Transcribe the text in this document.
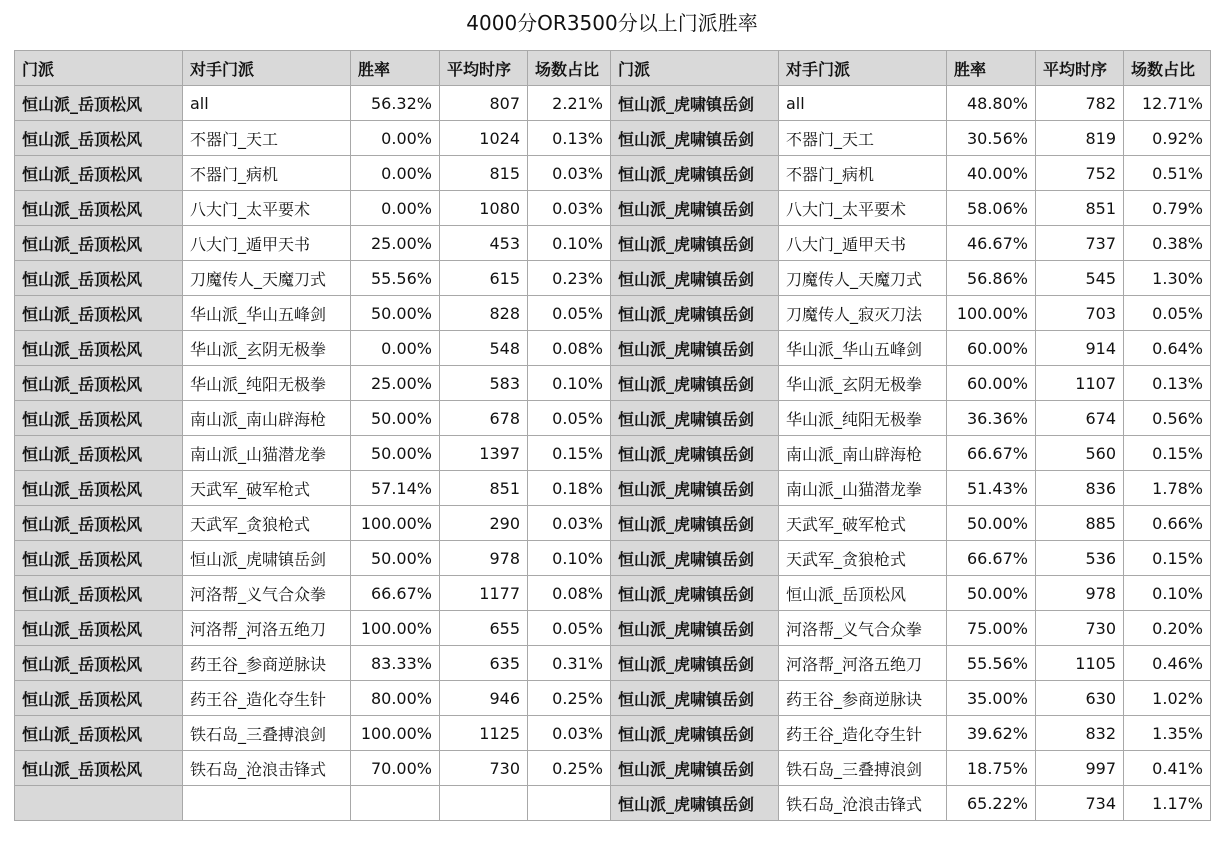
4000分OR3500分以上门派胜率
门派	对手门派	胜率	平均时序	场数占比	门派	对手门派	胜率	平均时序	场数占比
恒山派_岳顶松风	all	56.32%	807	2.21%	恒山派_虎啸镇岳剑	all	48.80%	782	12.71%
恒山派_岳顶松风	不器门_天工	0.00%	1024	0.13%	恒山派_虎啸镇岳剑	不器门_天工	30.56%	819	0.92%
恒山派_岳顶松风	不器门_病机	0.00%	815	0.03%	恒山派_虎啸镇岳剑	不器门_病机	40.00%	752	0.51%
恒山派_岳顶松风	八大门_太平要术	0.00%	1080	0.03%	恒山派_虎啸镇岳剑	八大门_太平要术	58.06%	851	0.79%
恒山派_岳顶松风	八大门_遁甲天书	25.00%	453	0.10%	恒山派_虎啸镇岳剑	八大门_遁甲天书	46.67%	737	0.38%
恒山派_岳顶松风	刀魔传人_天魔刀式	55.56%	615	0.23%	恒山派_虎啸镇岳剑	刀魔传人_天魔刀式	56.86%	545	1.30%
恒山派_岳顶松风	华山派_华山五峰剑	50.00%	828	0.05%	恒山派_虎啸镇岳剑	刀魔传人_寂灭刀法	100.00%	703	0.05%
恒山派_岳顶松风	华山派_玄阴无极拳	0.00%	548	0.08%	恒山派_虎啸镇岳剑	华山派_华山五峰剑	60.00%	914	0.64%
恒山派_岳顶松风	华山派_纯阳无极拳	25.00%	583	0.10%	恒山派_虎啸镇岳剑	华山派_玄阴无极拳	60.00%	1107	0.13%
恒山派_岳顶松风	南山派_南山辟海枪	50.00%	678	0.05%	恒山派_虎啸镇岳剑	华山派_纯阳无极拳	36.36%	674	0.56%
恒山派_岳顶松风	南山派_山猫潜龙拳	50.00%	1397	0.15%	恒山派_虎啸镇岳剑	南山派_南山辟海枪	66.67%	560	0.15%
恒山派_岳顶松风	天武军_破军枪式	57.14%	851	0.18%	恒山派_虎啸镇岳剑	南山派_山猫潜龙拳	51.43%	836	1.78%
恒山派_岳顶松风	天武军_贪狼枪式	100.00%	290	0.03%	恒山派_虎啸镇岳剑	天武军_破军枪式	50.00%	885	0.66%
恒山派_岳顶松风	恒山派_虎啸镇岳剑	50.00%	978	0.10%	恒山派_虎啸镇岳剑	天武军_贪狼枪式	66.67%	536	0.15%
恒山派_岳顶松风	河洛帮_义气合众拳	66.67%	1177	0.08%	恒山派_虎啸镇岳剑	恒山派_岳顶松风	50.00%	978	0.10%
恒山派_岳顶松风	河洛帮_河洛五绝刀	100.00%	655	0.05%	恒山派_虎啸镇岳剑	河洛帮_义气合众拳	75.00%	730	0.20%
恒山派_岳顶松风	药王谷_参商逆脉诀	83.33%	635	0.31%	恒山派_虎啸镇岳剑	河洛帮_河洛五绝刀	55.56%	1105	0.46%
恒山派_岳顶松风	药王谷_造化夺生针	80.00%	946	0.25%	恒山派_虎啸镇岳剑	药王谷_参商逆脉诀	35.00%	630	1.02%
恒山派_岳顶松风	铁石岛_三叠搏浪剑	100.00%	1125	0.03%	恒山派_虎啸镇岳剑	药王谷_造化夺生针	39.62%	832	1.35%
恒山派_岳顶松风	铁石岛_沧浪击锋式	70.00%	730	0.25%	恒山派_虎啸镇岳剑	铁石岛_三叠搏浪剑	18.75%	997	0.41%
					恒山派_虎啸镇岳剑	铁石岛_沧浪击锋式	65.22%	734	1.17%
